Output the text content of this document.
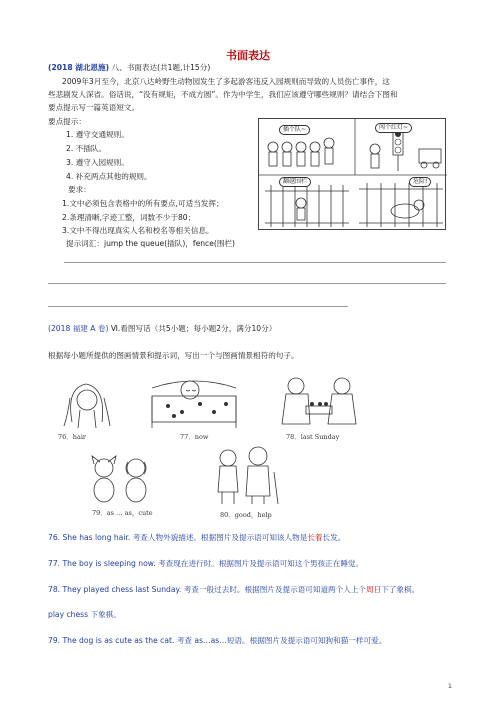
书面表达
(2018 湖北恩施) 八、书面表达(共1题,计15分)
2009年3月至今，北京八达岭野生动物园发生了多起游客违反入园规则而导致的人员伤亡事件，这
些悲剧发人深省。俗话说，“没有规矩，不成方圆”。作为中学生，我们应该遵守哪些规则？请结合下图和
要点提示写一篇英语短文。
要点提示：
1. 遵守交通规则。
2. 不插队。
3. 遵守入园规则。
4. 补充两点其他的规则。
要求：
1.文中必须包含表格中的所有要点,可适当发挥；
2.条理清晰,字迹工整，词数不少于80；
3.文中不得出现真实人名和校名等相关信息。
提示词汇：jump the queue(插队)，fence(围栏)
插个队~	闯个红灯~
翻越围栏	危险!
(2018 福建 A 卷) Ⅵ.看图写话（共5小题；每小题2分，满分10分）
根据每小题所提供的图画情景和提示词，写出一个与图画情景相符的句子。
76．hair	77．now	78．last Sunday
79．as … as，cute	80．good，help
76. She has long hair. 考查人物外貌描述。根据图片及提示语可知该人物是长着长发。
77. The boy is sleeping now. 考查现在进行时。根据图片及提示语可知这个男孩正在睡觉。
78. They played chess last Sunday. 考查一般过去时。根据图片及提示语可知道两个人上个周日下了象棋。
play chess 下象棋。
79. The dog is as cute as the cat. 考查 as…as…短语。根据图片及提示语可知狗和猫一样可爱。
1
